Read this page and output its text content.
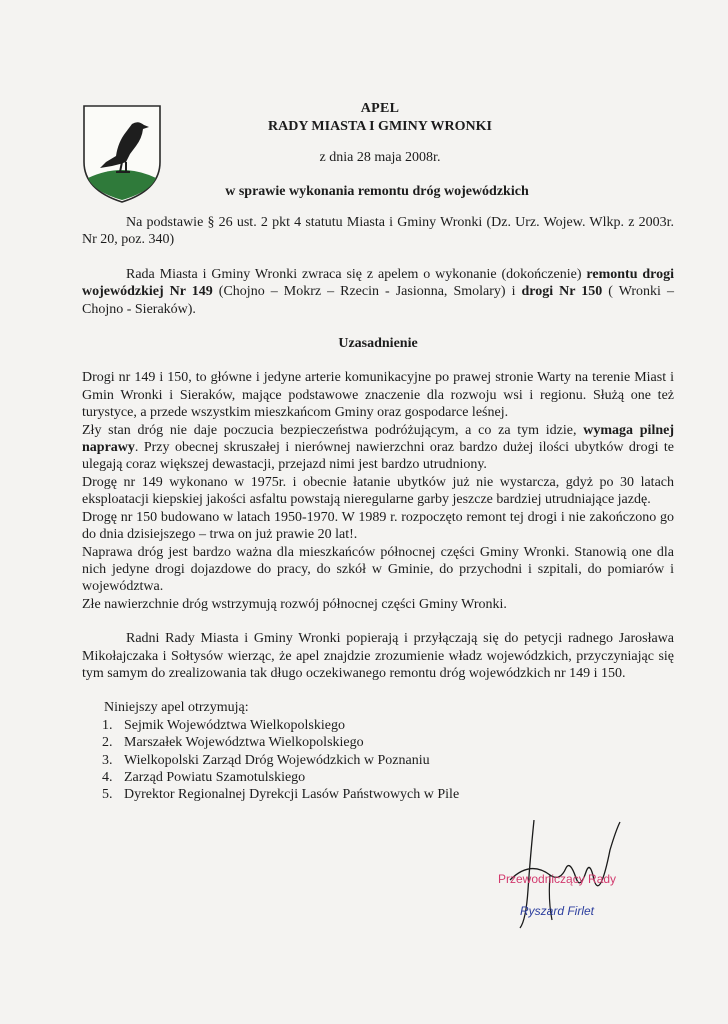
APEL
RADY MIASTA I GMINY WRONKI
z dnia 28 maja 2008r.
w sprawie wykonania remontu dróg wojewódzkich

Na podstawie § 26 ust. 2 pkt 4 statutu Miasta i Gminy Wronki (Dz. Urz. Wojew. Wlkp. z 2003r. Nr 20, poz. 340)

Rada Miasta i Gminy Wronki zwraca się z apelem o wykonanie (dokończenie) remontu drogi wojewódzkiej Nr 149 (Chojno – Mokrz – Rzecin - Jasionna, Smolary) i drogi Nr 150 ( Wronki – Chojno - Sieraków).

Uzasadnienie

Drogi nr 149 i 150, to główne i jedyne arterie komunikacyjne po prawej stronie Warty na terenie Miast i Gmin Wronki i Sieraków, mające podstawowe znaczenie dla rozwoju wsi i regionu. Służą one też turystyce, a przede wszystkim mieszkańcom Gminy oraz gospodarce leśnej.

Zły stan dróg nie daje poczucia bezpieczeństwa podróżującym, a co za tym idzie, wymaga pilnej naprawy. Przy obecnej skruszałej i nierównej nawierzchni oraz bardzo dużej ilości ubytków drogi te ulegają coraz większej dewastacji, przejazd nimi jest bardzo utrudniony.

Drogę nr 149 wykonano w 1975r. i obecnie łatanie ubytków już nie wystarcza, gdyż po 30 latach eksploatacji kiepskiej jakości asfaltu powstają nieregularne garby jeszcze bardziej utrudniające jazdę.

Drogę nr 150 budowano w latach 1950-1970. W 1989 r. rozpoczęto remont tej drogi i nie zakończono go do dnia dzisiejszego – trwa on już prawie 20 lat!.

Naprawa dróg jest bardzo ważna dla mieszkańców północnej części Gminy Wronki. Stanowią one dla nich jedyne drogi dojazdowe do pracy, do szkół w Gminie, do przychodni i szpitali, do pomiarów i województwa.

Złe nawierzchnie dróg wstrzymują rozwój północnej części Gminy Wronki.

Radni Rady Miasta i Gminy Wronki popierają i przyłączają się do petycji radnego Jarosława Mikołajczaka i Sołtysów wierząc, że apel znajdzie zrozumienie władz wojewódzkich, przyczyniając się tym samym do zrealizowania tak długo oczekiwanego remontu dróg wojewódzkich nr 149 i 150.

Niniejszy apel otrzymują:

1. Sejmik Województwa Wielkopolskiego
2. Marszałek Województwa Wielkopolskiego
3. Wielkopolski Zarząd Dróg Wojewódzkich w Poznaniu
4. Zarząd Powiatu Szamotulskiego
5. Dyrektor Regionalnej Dyrekcji Lasów Państwowych w Pile
Przewodniczący Rady
Ryszard Firlet
